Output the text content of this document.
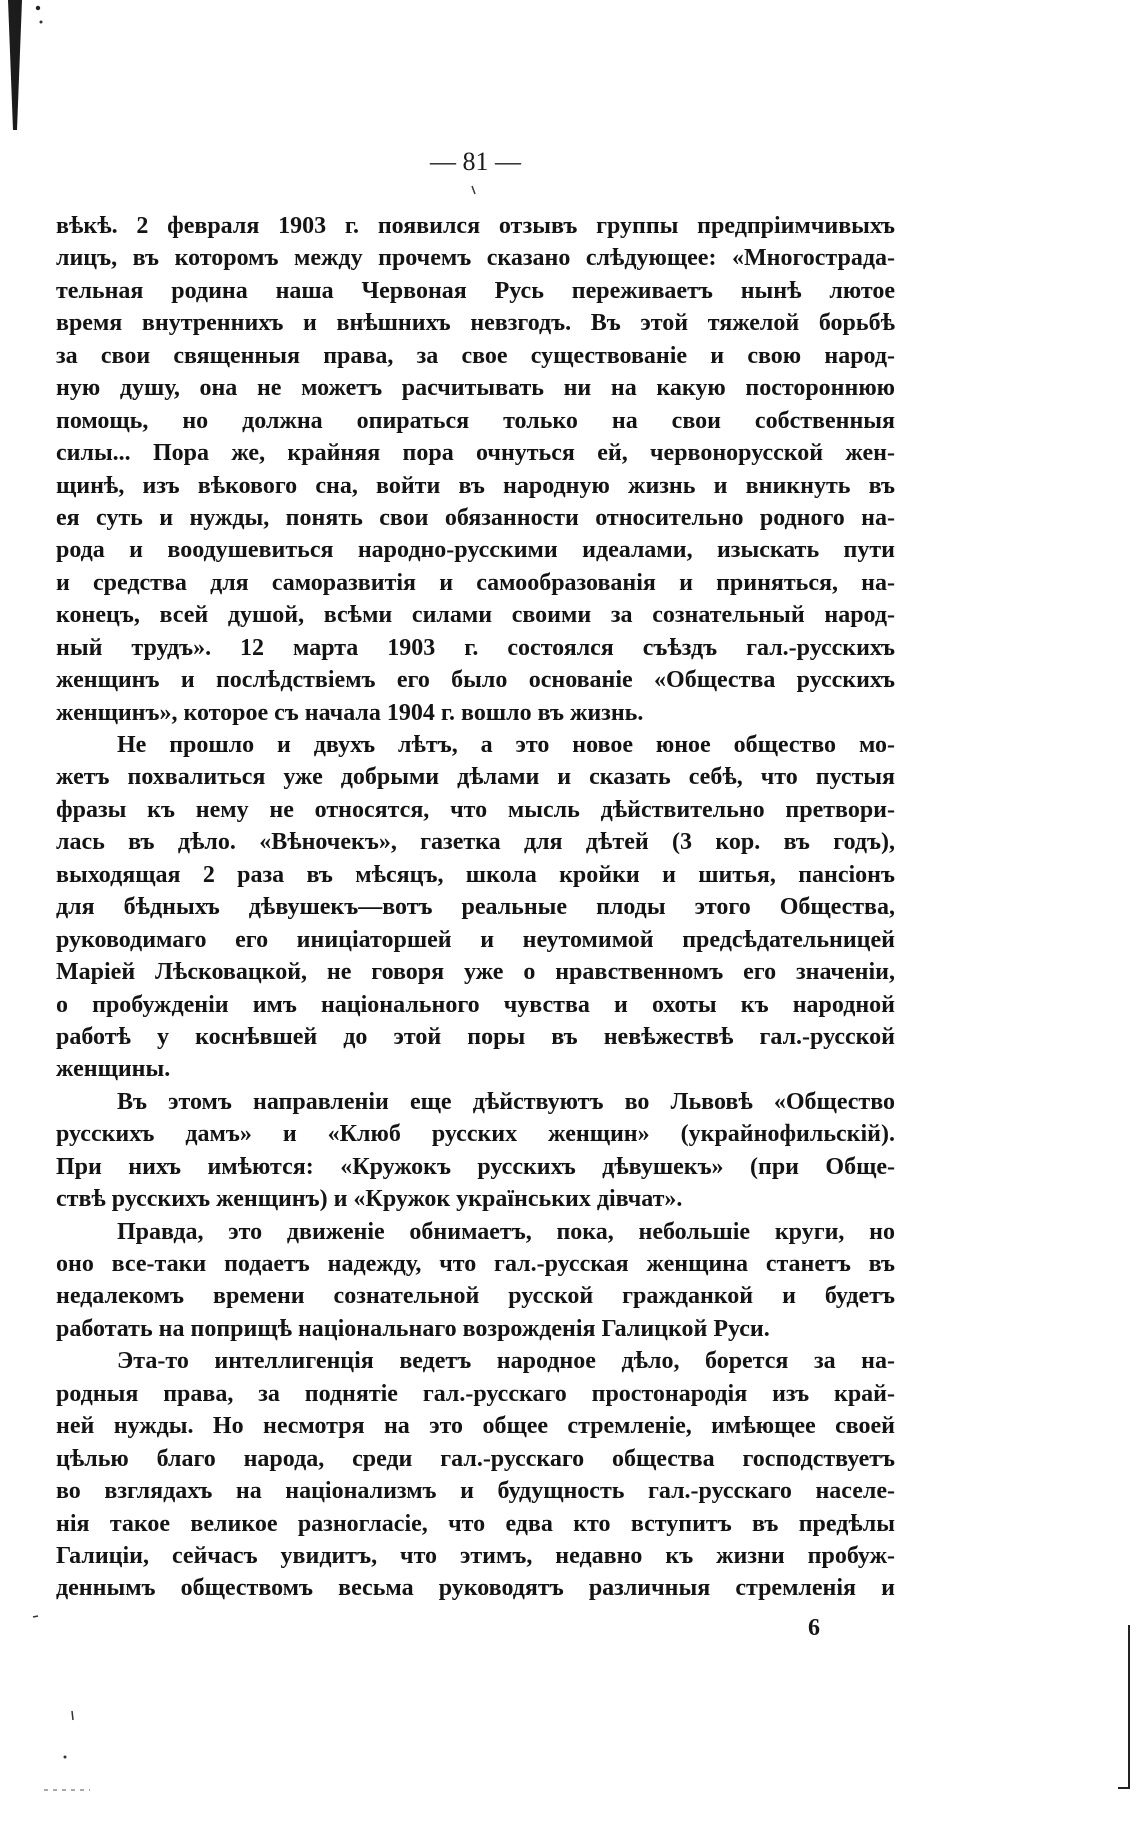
— 81 —
вѣкѣ. 2 февраля 1903 г. появился отзывъ группы предпріимчивыхъ
лицъ, въ которомъ между прочемъ сказано слѣдующее: «Многострада-
тельная родина наша Червоная Русь переживаетъ нынѣ лютое
время внутреннихъ и внѣшнихъ невзгодъ. Въ этой тяжелой борьбѣ
за свои священныя права, за свое существованіе и свою народ-
ную душу, она не можетъ расчитывать ни на какую постороннюю
помощь, но должна опираться только на свои собственныя
силы... Пора же, крайняя пора очнуться ей, червонорусской жен-
щинѣ, изъ вѣкового сна, войти въ народную жизнь и вникнуть въ
ея суть и нужды, понять свои обязанности относительно родного на-
рода и воодушевиться народно-русскими идеалами, изыскать пути
и средства для саморазвитія и самообразованія и приняться, на-
конецъ, всей душой, всѣми силами своими за сознательный народ-
ный трудъ». 12 марта 1903 г. состоялся съѣздъ гал.-русскихъ
женщинъ и послѣдствіемъ его было основаніе «Общества русскихъ
женщинъ», которое съ начала 1904 г. вошло въ жизнь.
Не прошло и двухъ лѣтъ, а это новое юное общество мо-
жетъ похвалиться уже добрыми дѣлами и сказать себѣ, что пустыя
фразы къ нему не относятся, что мысль дѣйствительно претвори-
лась въ дѣло. «Вѣночекъ», газетка для дѣтей (3 кор. въ годъ),
выходящая 2 раза въ мѣсяцъ, школа кройки и шитья, пансіонъ
для бѣдныхъ дѣвушекъ—вотъ реальные плоды этого Общества,
руководимаго его иниціаторшей и неутомимой предсѣдательницей
Маріей Лѣсковацкой, не говоря уже о нравственномъ его значеніи,
о пробужденіи имъ національного чувства и охоты къ народной
работѣ у коснѣвшей до этой поры въ невѣжествѣ гал.-русской
женщины.
Въ этомъ направленіи еще дѣйствуютъ во Львовѣ «Общество
русскихъ дамъ» и «Клюб русских женщин» (украйнофильскій).
При нихъ имѣются: «Кружокъ русскихъ дѣвушекъ» (при Обще-
ствѣ русскихъ женщинъ) и «Кружок українських дівчат».
Правда, это движеніе обнимаетъ, пока, небольшіе круги, но
оно все-таки подаетъ надежду, что гал.-русская женщина станетъ въ
недалекомъ времени сознательной русской гражданкой и будетъ
работать на поприщѣ національнаго возрожденія Галицкой Руси.
Эта-то интеллигенція ведетъ народное дѣло, борется за на-
родныя права, за поднятіе гал.-русскаго простонародія изъ край-
ней нужды. Но несмотря на это общее стремленіе, имѣющее своей
цѣлью благо народа, среди гал.-русскаго общества господствуетъ
во взглядахъ на націонализмъ и будущность гал.-русскаго населе-
нія такое великое разногласіе, что едва кто вступитъ въ предѣлы
Галиціи, сейчасъ увидитъ, что этимъ, недавно къ жизни пробуж-
деннымъ обществомъ весьма руководятъ различныя стремленія и
6
